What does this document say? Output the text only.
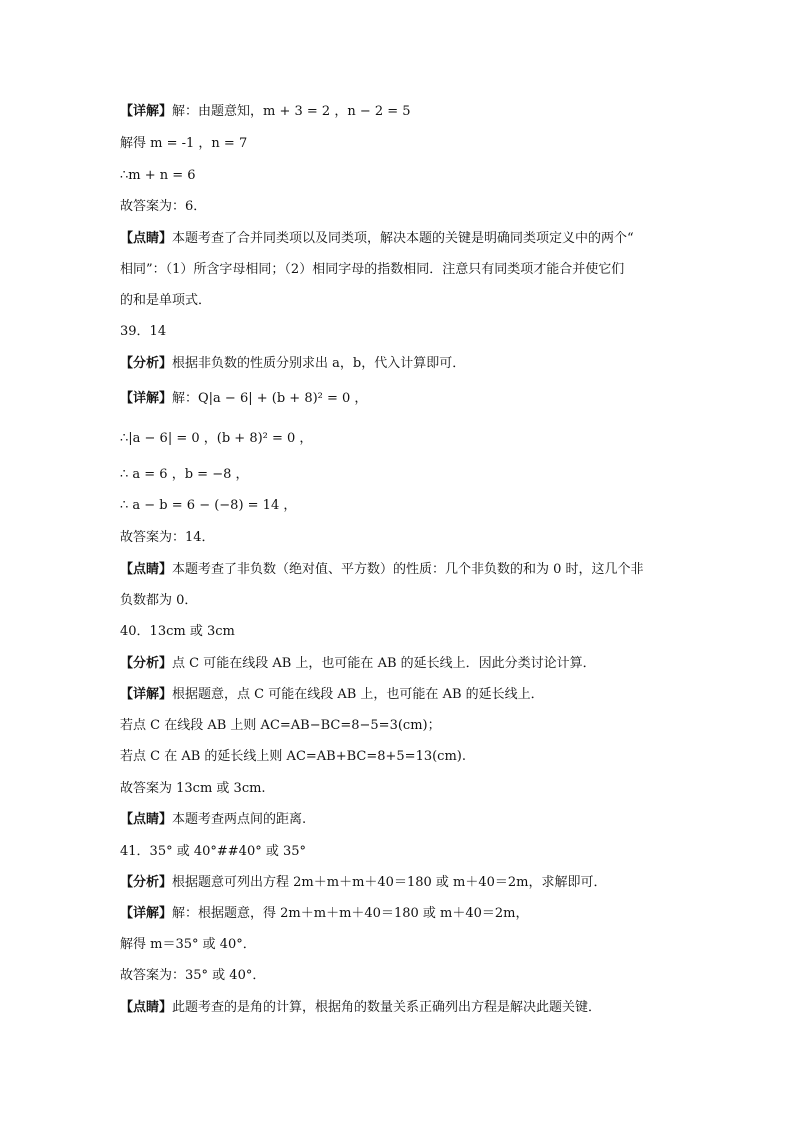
【详解】解：由题意知，m + 3 = 2 ，n − 2 = 5
解得 m = -1 ，n = 7
∴m + n = 6
故答案为：6．
【点睛】本题考查了合并同类项以及同类项，解决本题的关键是明确同类项定义中的两个“
相同”：（1）所含字母相同；（2）相同字母的指数相同．注意只有同类项才能合并使它们
的和是单项式．
39．14
【分析】根据非负数的性质分别求出 a，b，代入计算即可．
【详解】解：Q|a − 6| + (b + 8)² = 0 ，
∴|a − 6| = 0 ，(b + 8)² = 0 ，
∴ a = 6 ，b = −8 ，
∴ a − b = 6 − (−8) = 14 ，
故答案为：14．
【点睛】本题考查了非负数（绝对值、平方数）的性质：几个非负数的和为 0 时，这几个非
负数都为 0．
40．13cm 或 3cm
【分析】点 C 可能在线段 AB 上，也可能在 AB 的延长线上．因此分类讨论计算．
【详解】根据题意，点 C 可能在线段 AB 上，也可能在 AB 的延长线上．
若点 C 在线段 AB 上则 AC=AB−BC=8−5=3(cm)；
若点 C 在 AB 的延长线上则 AC=AB+BC=8+5=13(cm).
故答案为 13cm 或 3cm.
【点睛】本题考查两点间的距离.
41．35° 或 40°##40° 或 35°
【分析】根据题意可列出方程 2m＋m＋m＋40＝180 或 m＋40＝2m，求解即可．
【详解】解：根据题意，得 2m＋m＋m＋40＝180 或 m＋40＝2m，
解得 m＝35° 或 40°．
故答案为：35° 或 40°．
【点睛】此题考查的是角的计算，根据角的数量关系正确列出方程是解决此题关键．
